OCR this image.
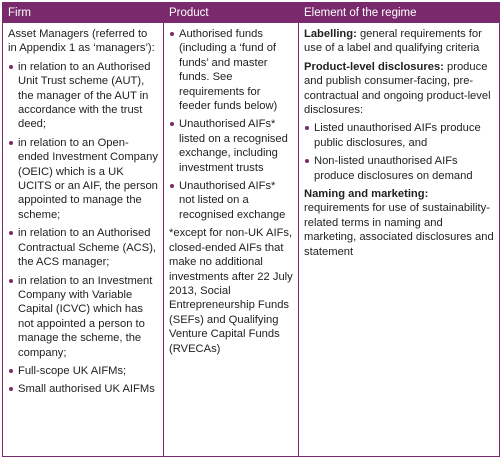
Firm	Product	Element of the regime

Asset Managers (referred to in Appendix 1 as ‘managers’):

in relation to an Authorised Unit Trust scheme (AUT), the manager of the AUT in accordance with the trust deed;
in relation to an Open-ended Investment Company (OEIC) which is a UK UCITS or an AIF, the person appointed to manage the scheme;
in relation to an Authorised Contractual Scheme (ACS), the ACS manager;
in relation to an Investment Company with Variable Capital (ICVC) which has not appointed a person to manage the scheme, the company;
Full-scope UK AIFMs;
Small authorised UK AIFMs
Authorised funds (including a ‘fund of funds’ and master funds. See requirements for feeder funds below)
Unauthorised AIFs* listed on a recognised exchange, including investment trusts
Unauthorised AIFs* not listed on a recognised exchange

*except for non-UK AIFs, closed-ended AIFs that make no additional investments after 22 July 2013, Social Entrepreneurship Funds (SEFs) and Qualifying Venture Capital Funds (RVECAs)

Labelling: general requirements for use of a label and qualifying criteria

Product-level disclosures: produce and publish consumer-facing, pre-contractual and ongoing product-level disclosures:

Listed unauthorised AIFs produce public disclosures, and
Non-listed unauthorised AIFs produce disclosures on demand

Naming and marketing:

requirements for use of sustainability-related terms in naming and marketing, associated disclosures and statement
